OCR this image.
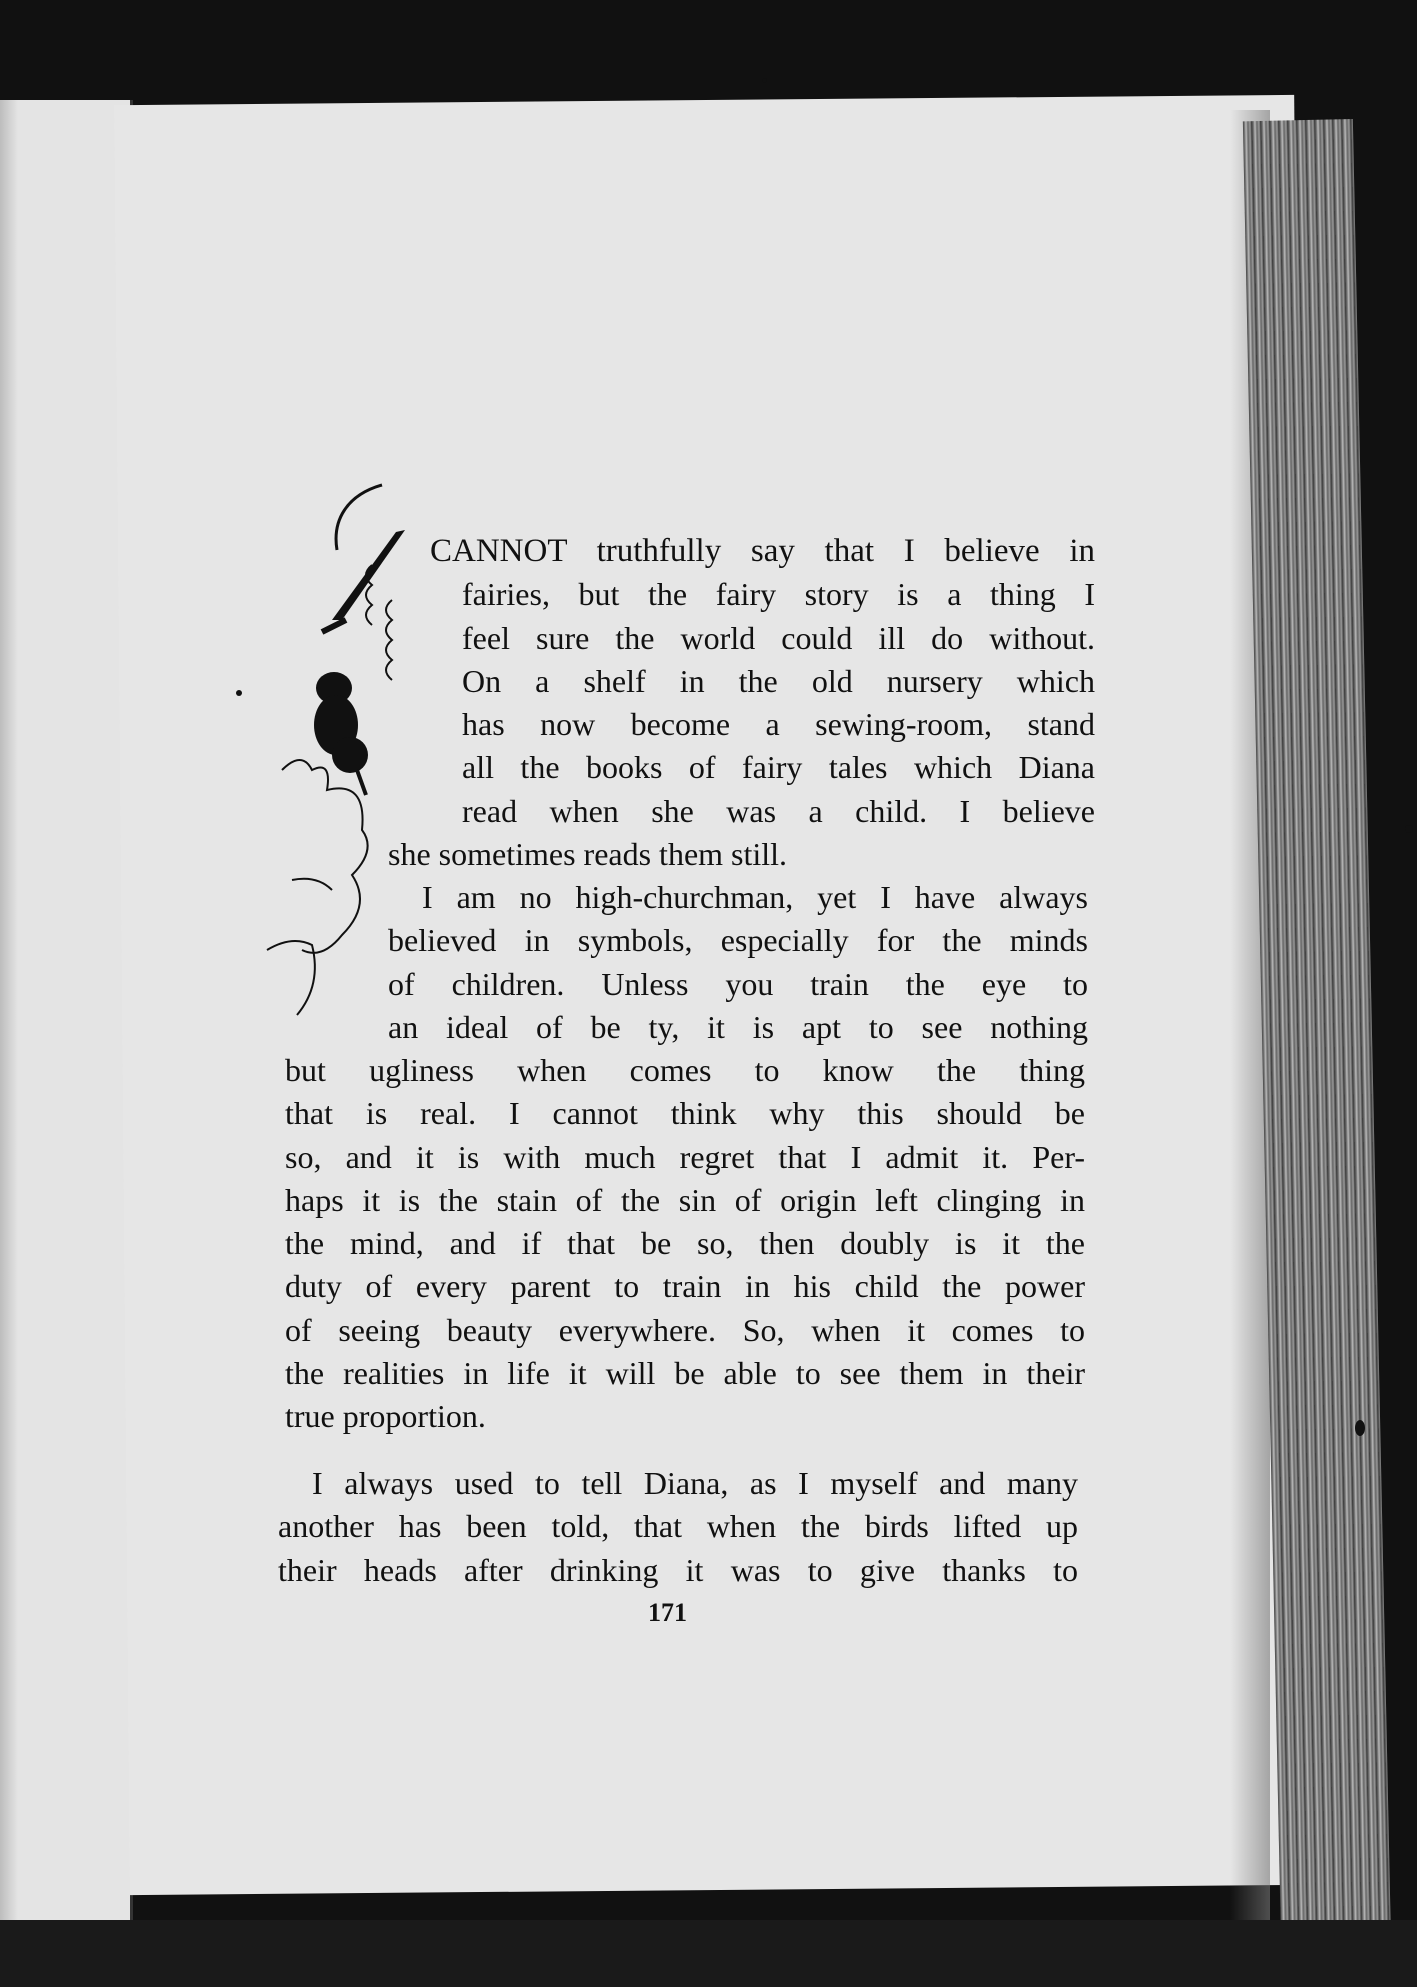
CANNOT truthfully say that I believe in
fairies, but the fairy story is a thing I
feel sure the world could ill do without.
On a shelf in the old nursery which
has now become a sewing-room, stand
all the books of fairy tales which Diana
read when she was a child. I believe
she sometimes reads them still.
I am no high-churchman, yet I have always
believed in symbols, especially for the minds
of children. Unless you train the eye to
an ideal of be ty, it is apt to see nothing
but ugliness when comes to know the thing
that is real. I cannot think why this should be
so, and it is with much regret that I admit it. Per-
haps it is the stain of the sin of origin left clinging in
the mind, and if that be so, then doubly is it the
duty of every parent to train in his child the power
of seeing beauty everywhere. So, when it comes to
the realities in life it will be able to see them in their
true proportion.
I always used to tell Diana, as I myself and many
another has been told, that when the birds lifted up
their heads after drinking it was to give thanks to
171
